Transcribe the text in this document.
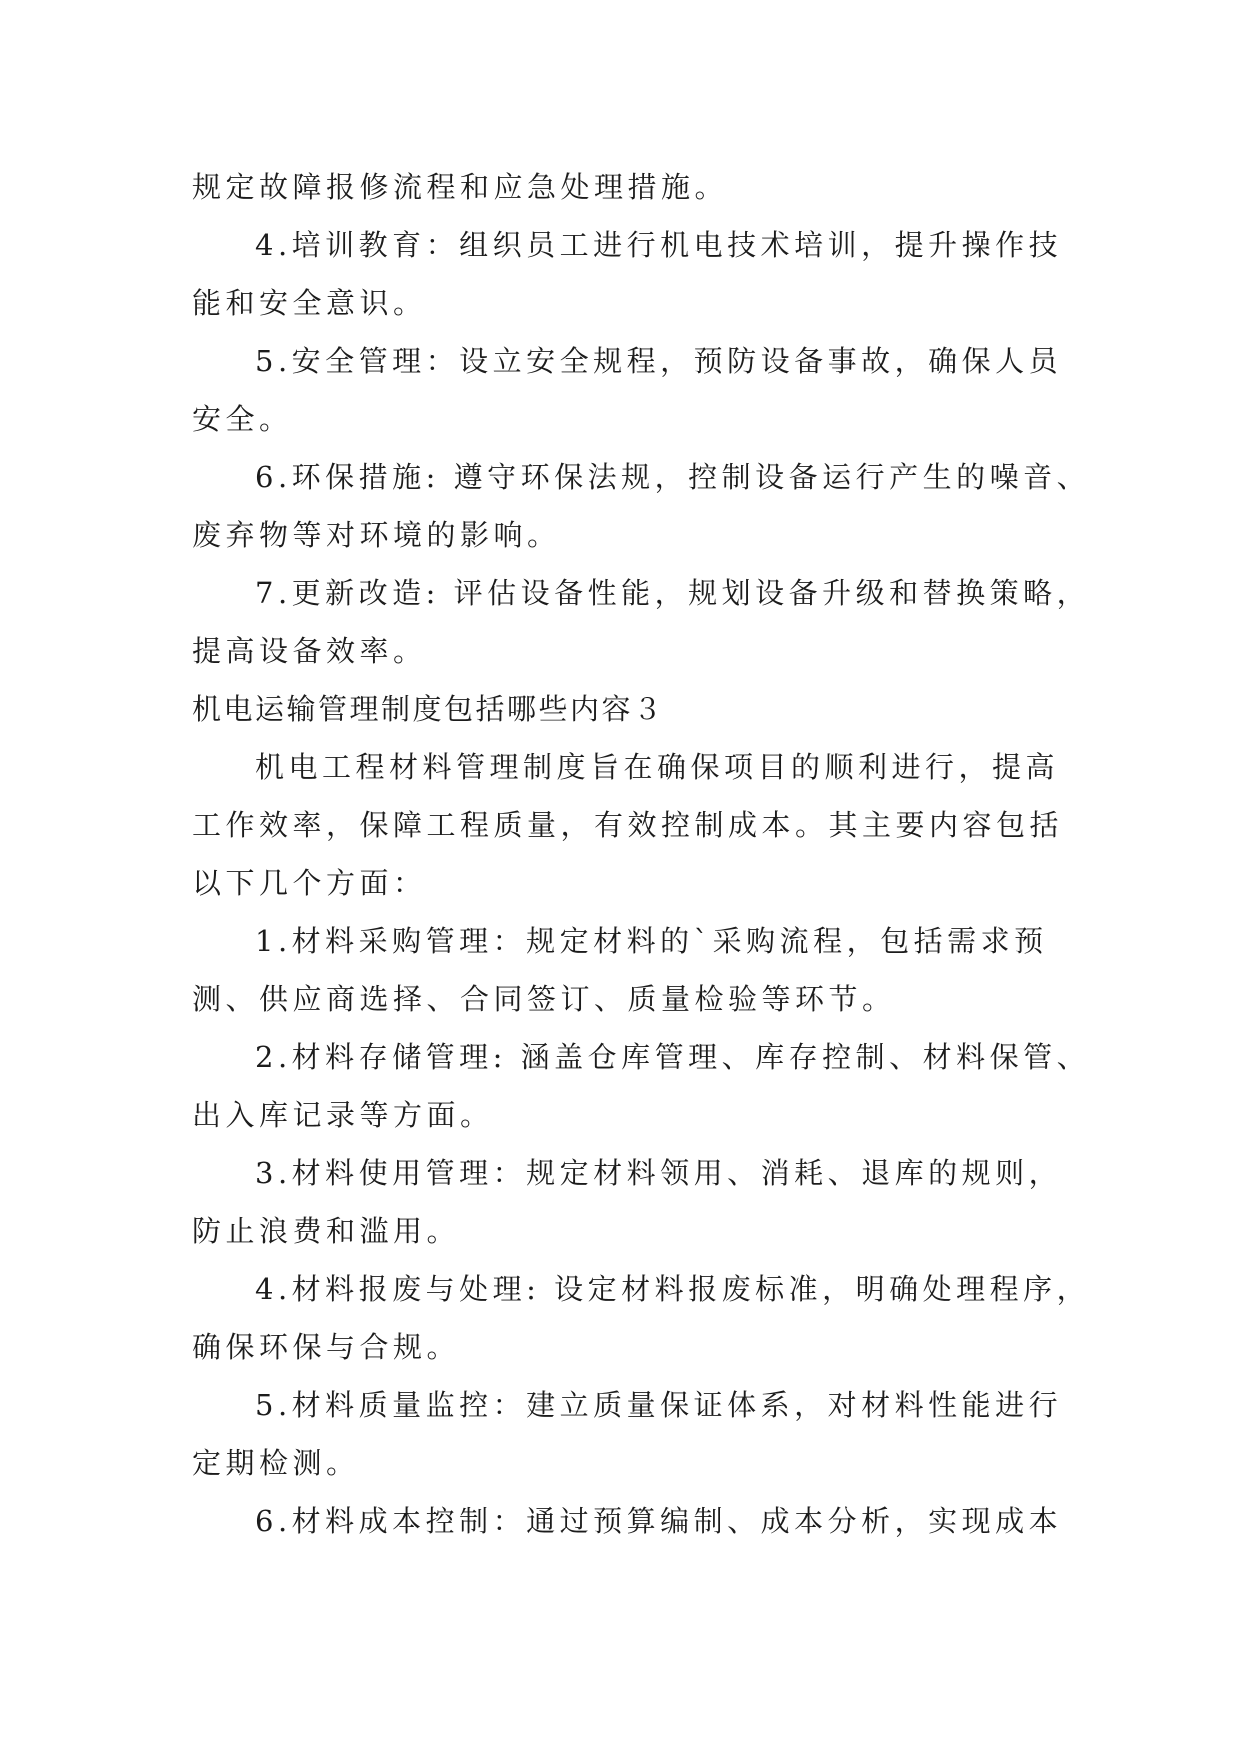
规定故障报修流程和应急处理措施。
4.培训教育：组织员工进行机电技术培训，提升操作技
能和安全意识。
5.安全管理：设立安全规程，预防设备事故，确保人员
安全。
6.环保措施: 遵守环保法规，控制设备运行产生的噪音、
废弃物等对环境的影响。
7.更新改造: 评估设备性能，规划设备升级和替换策略，
提高设备效率。
机电运输管理制度包括哪些内容３
机电工程材料管理制度旨在确保项目的顺利进行，提高
工作效率，保障工程质量，有效控制成本。其主要内容包括
以下几个方面：
1.材料采购管理：规定材料的`采购流程，包括需求预
测、供应商选择、合同签订、质量检验等环节。
2.材料存储管理: 涵盖仓库管理、库存控制、材料保管、
出入库记录等方面。
3.材料使用管理：规定材料领用、消耗、退库的规则，
防止浪费和滥用。
4.材料报废与处理: 设定材料报废标准，明确处理程序，
确保环保与合规。
5.材料质量监控：建立质量保证体系，对材料性能进行
定期检测。
6.材料成本控制：通过预算编制、成本分析，实现成本
